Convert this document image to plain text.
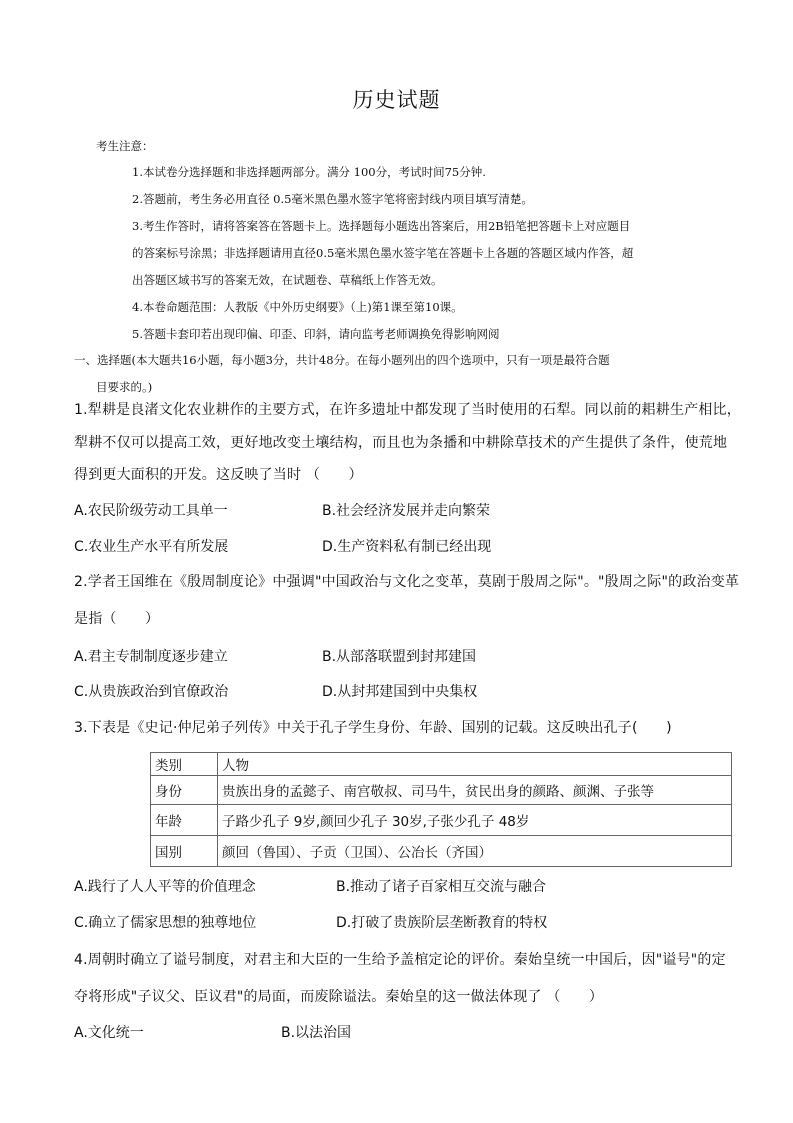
历史试题
考生注意：
1.本试卷分选择题和非选择题两部分。满分 100分，考试时间75分钟.
2.答题前，考生务必用直径 0.5毫米黑色墨水签字笔将密封线内项目填写清楚。
3.考生作答时，请将答案答在答题卡上。选择题每小题选出答案后，用2B铅笔把答题卡上对应题目
的答案标号涂黑；非选择题请用直径0.5毫米黑色墨水签字笔在答题卡上各题的答题区域内作答，超
出答题区域书写的答案无效，在试题卷、草稿纸上作答无效。
4.本卷命题范围：人教版《中外历史纲要》（上)第1课至第10课。
5.答题卡套印若出现印偏、印歪、印斜，请向监考老师调换免得影响网阅
一、选择题(本大题共16小题，每小题3分，共计48分。在每小题列出的四个选项中，只有一项是最符合题
目要求的。)
1.犁耕是良渚文化农业耕作的主要方式，在许多遗址中都发现了当时使用的石犁。同以前的耜耕生产相比，
犁耕不仅可以提高工效，更好地改变土壤结构，而且也为条播和中耕除草技术的产生提供了条件，使荒地
得到更大面积的开发。这反映了当时 （　　）
A.农民阶级劳动工具单一	B.社会经济发展并走向繁荣
C.农业生产水平有所发展	D.生产资料私有制已经出现
2.学者王国维在《殷周制度论》中强调"中国政治与文化之变革，莫剧于殷周之际"。"殷周之际"的政治变革
是指（　　）
A.君主专制制度逐步建立	B.从部落联盟到封邦建国
C.从贵族政治到官僚政治	D.从封邦建国到中央集权
3.下表是《史记·仲尼弟子列传》中关于孔子学生身份、年龄、国别的记载。这反映出孔子(　　)
类别	人物
身份	贵族出身的孟懿子、南宫敬叔、司马牛，贫民出身的颜路、颜渊、子张等
年龄	子路少孔子 9岁,颜回少孔子 30岁,子张少孔子 48岁
国别	颜回（鲁国）、子贡（卫国）、公冶长（齐国）
A.践行了人人平等的价值理念	B.推动了诸子百家相互交流与融合
C.确立了儒家思想的独尊地位	D.打破了贵族阶层垄断教育的特权
4.周朝时确立了谥号制度，对君主和大臣的一生给予盖棺定论的评价。秦始皇统一中国后，因"谥号"的定
夺将形成"子议父、臣议君"的局面，而废除谥法。秦始皇的这一做法体现了 （　　）
A.文化统一	B.以法治国
